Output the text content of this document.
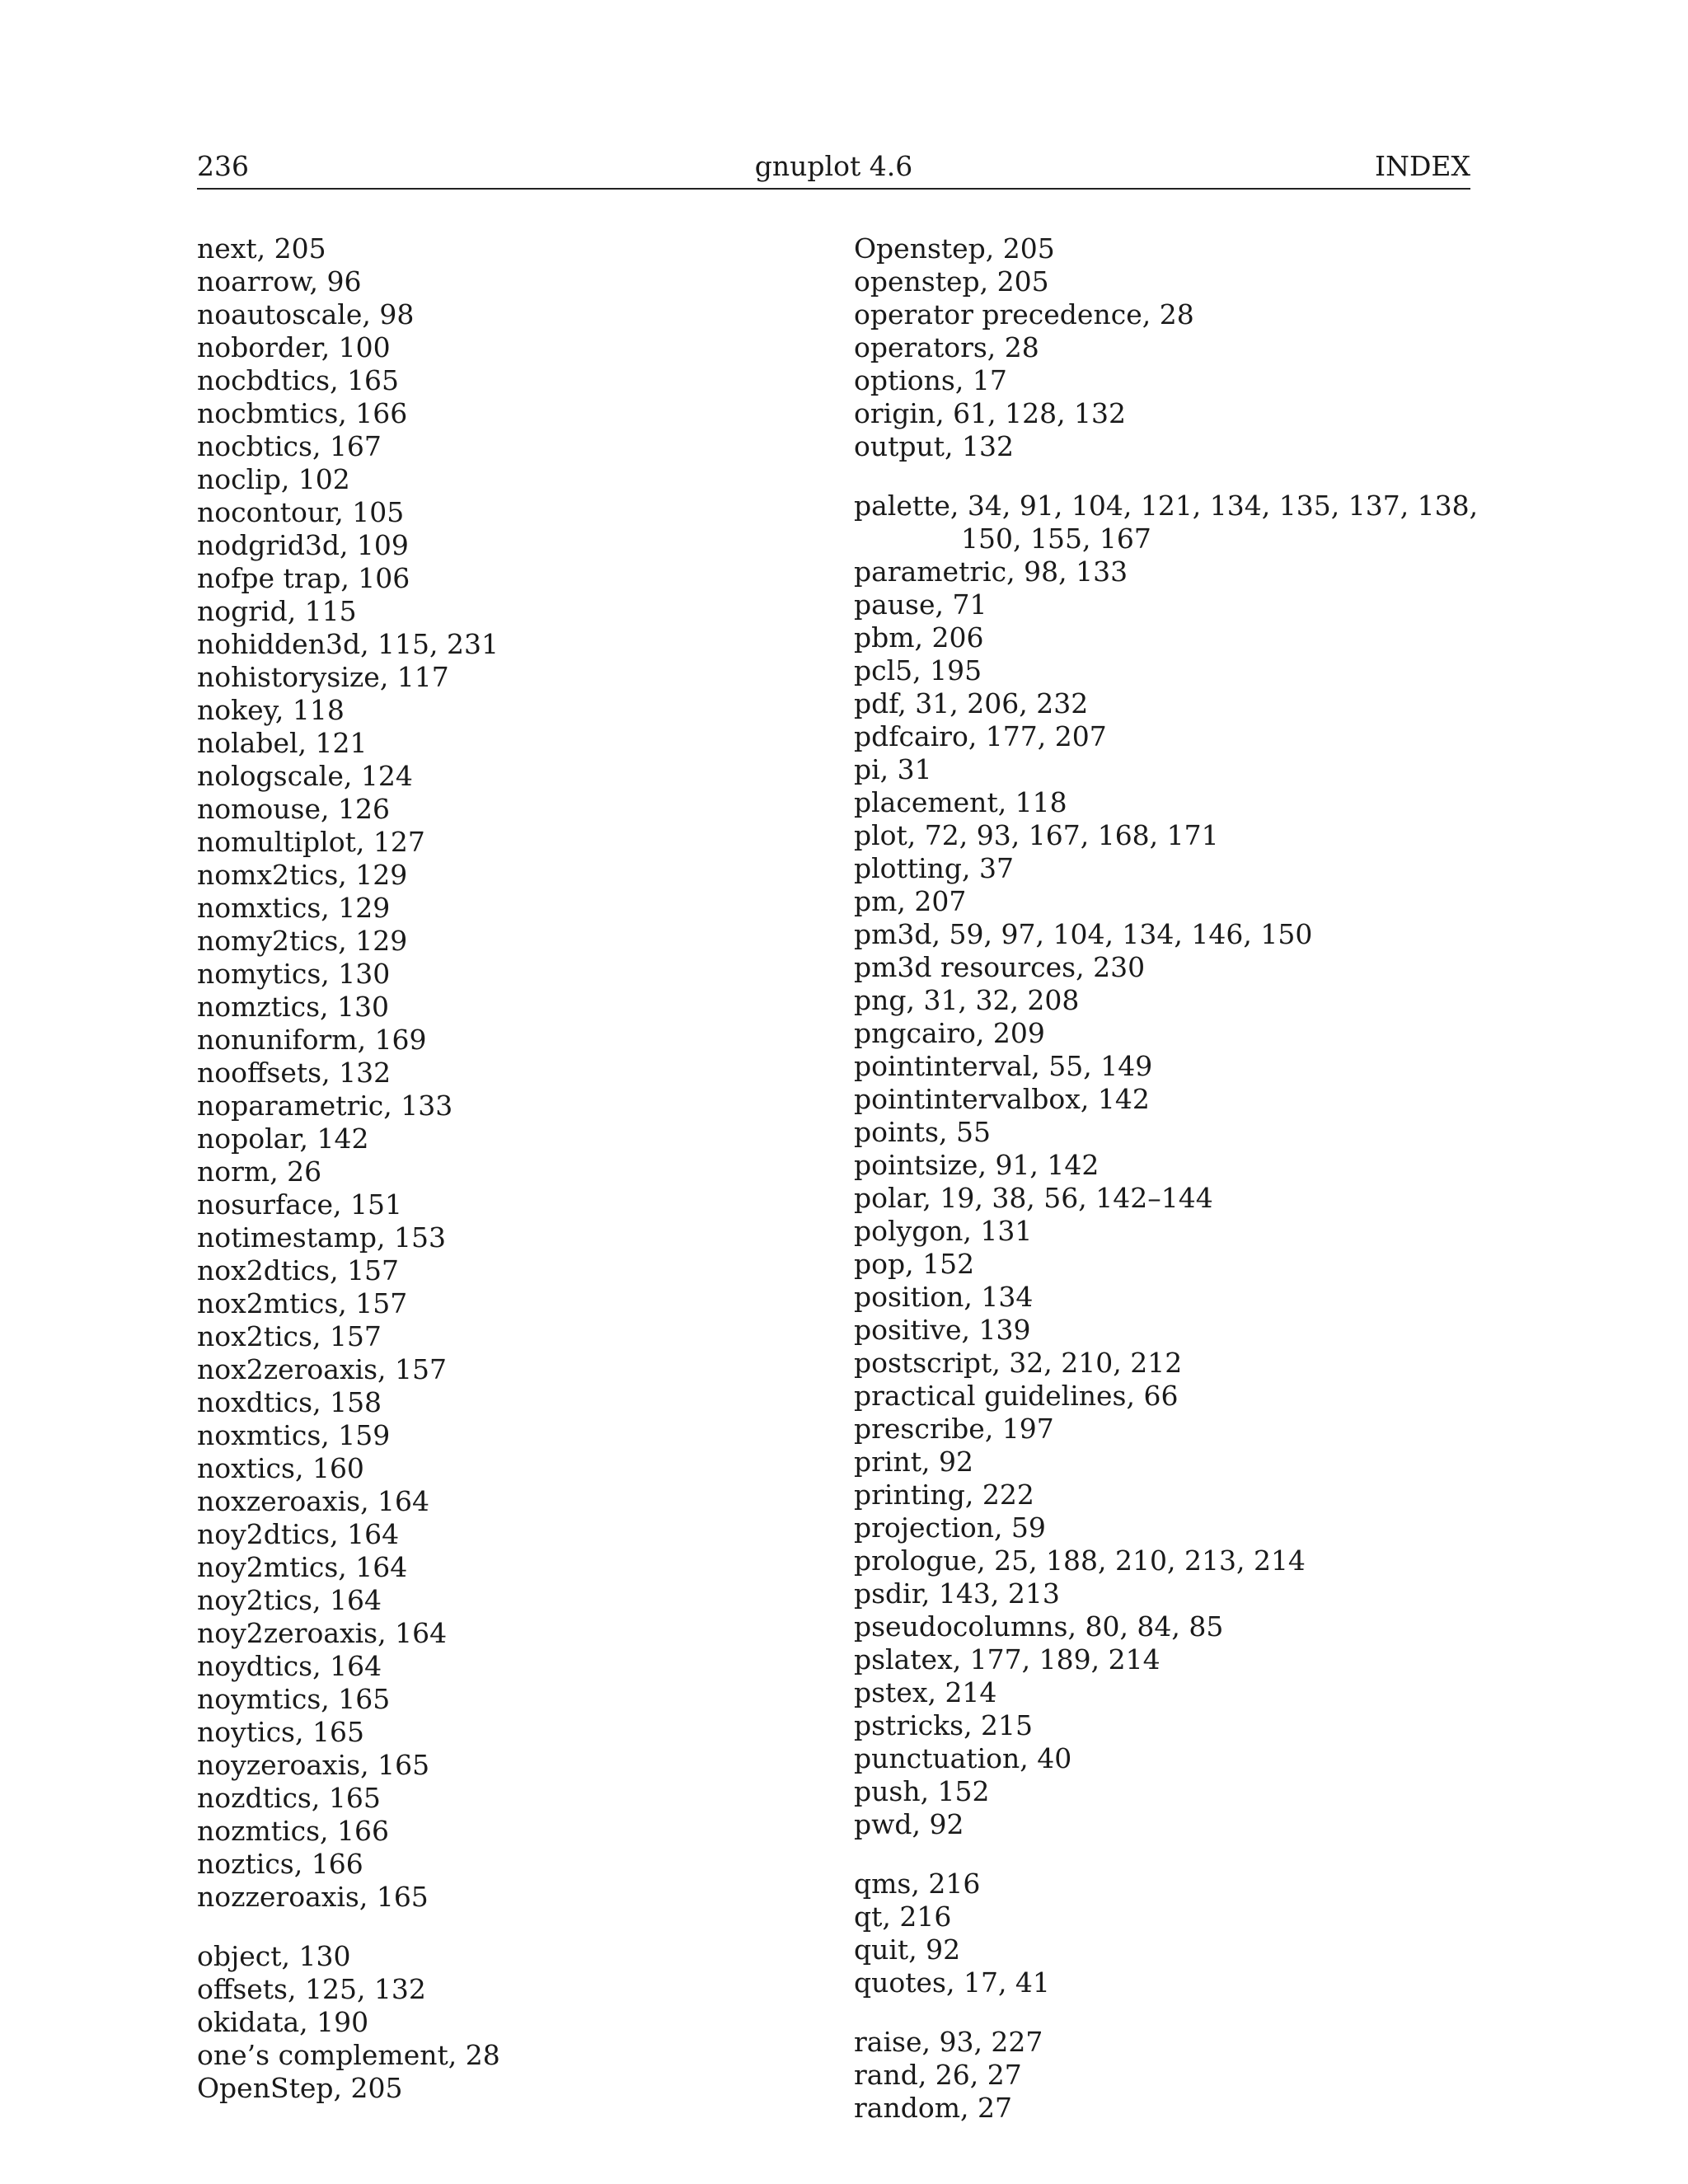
236	gnuplot 4.6	INDEX
next, 205
noarrow, 96
noautoscale, 98
noborder, 100
nocbdtics, 165
nocbmtics, 166
nocbtics, 167
noclip, 102
nocontour, 105
nodgrid3d, 109
nofpe trap, 106
nogrid, 115
nohidden3d, 115, 231
nohistorysize, 117
nokey, 118
nolabel, 121
nologscale, 124
nomouse, 126
nomultiplot, 127
nomx2tics, 129
nomxtics, 129
nomy2tics, 129
nomytics, 130
nomztics, 130
nonuniform, 169
nooffsets, 132
noparametric, 133
nopolar, 142
norm, 26
nosurface, 151
notimestamp, 153
nox2dtics, 157
nox2mtics, 157
nox2tics, 157
nox2zeroaxis, 157
noxdtics, 158
noxmtics, 159
noxtics, 160
noxzeroaxis, 164
noy2dtics, 164
noy2mtics, 164
noy2tics, 164
noy2zeroaxis, 164
noydtics, 164
noymtics, 165
noytics, 165
noyzeroaxis, 165
nozdtics, 165
nozmtics, 166
noztics, 166
nozzeroaxis, 165
object, 130
offsets, 125, 132
okidata, 190
one’s complement, 28
OpenStep, 205
Openstep, 205
openstep, 205
operator precedence, 28
operators, 28
options, 17
origin, 61, 128, 132
output, 132
palette, 34, 91, 104, 121, 134, 135, 137, 138, 150, 155, 167
parametric, 98, 133
pause, 71
pbm, 206
pcl5, 195
pdf, 31, 206, 232
pdfcairo, 177, 207
pi, 31
placement, 118
plot, 72, 93, 167, 168, 171
plotting, 37
pm, 207
pm3d, 59, 97, 104, 134, 146, 150
pm3d resources, 230
png, 31, 32, 208
pngcairo, 209
pointinterval, 55, 149
pointintervalbox, 142
points, 55
pointsize, 91, 142
polar, 19, 38, 56, 142–144
polygon, 131
pop, 152
position, 134
positive, 139
postscript, 32, 210, 212
practical guidelines, 66
prescribe, 197
print, 92
printing, 222
projection, 59
prologue, 25, 188, 210, 213, 214
psdir, 143, 213
pseudocolumns, 80, 84, 85
pslatex, 177, 189, 214
pstex, 214
pstricks, 215
punctuation, 40
push, 152
pwd, 92
qms, 216
qt, 216
quit, 92
quotes, 17, 41
raise, 93, 227
rand, 26, 27
random, 27
